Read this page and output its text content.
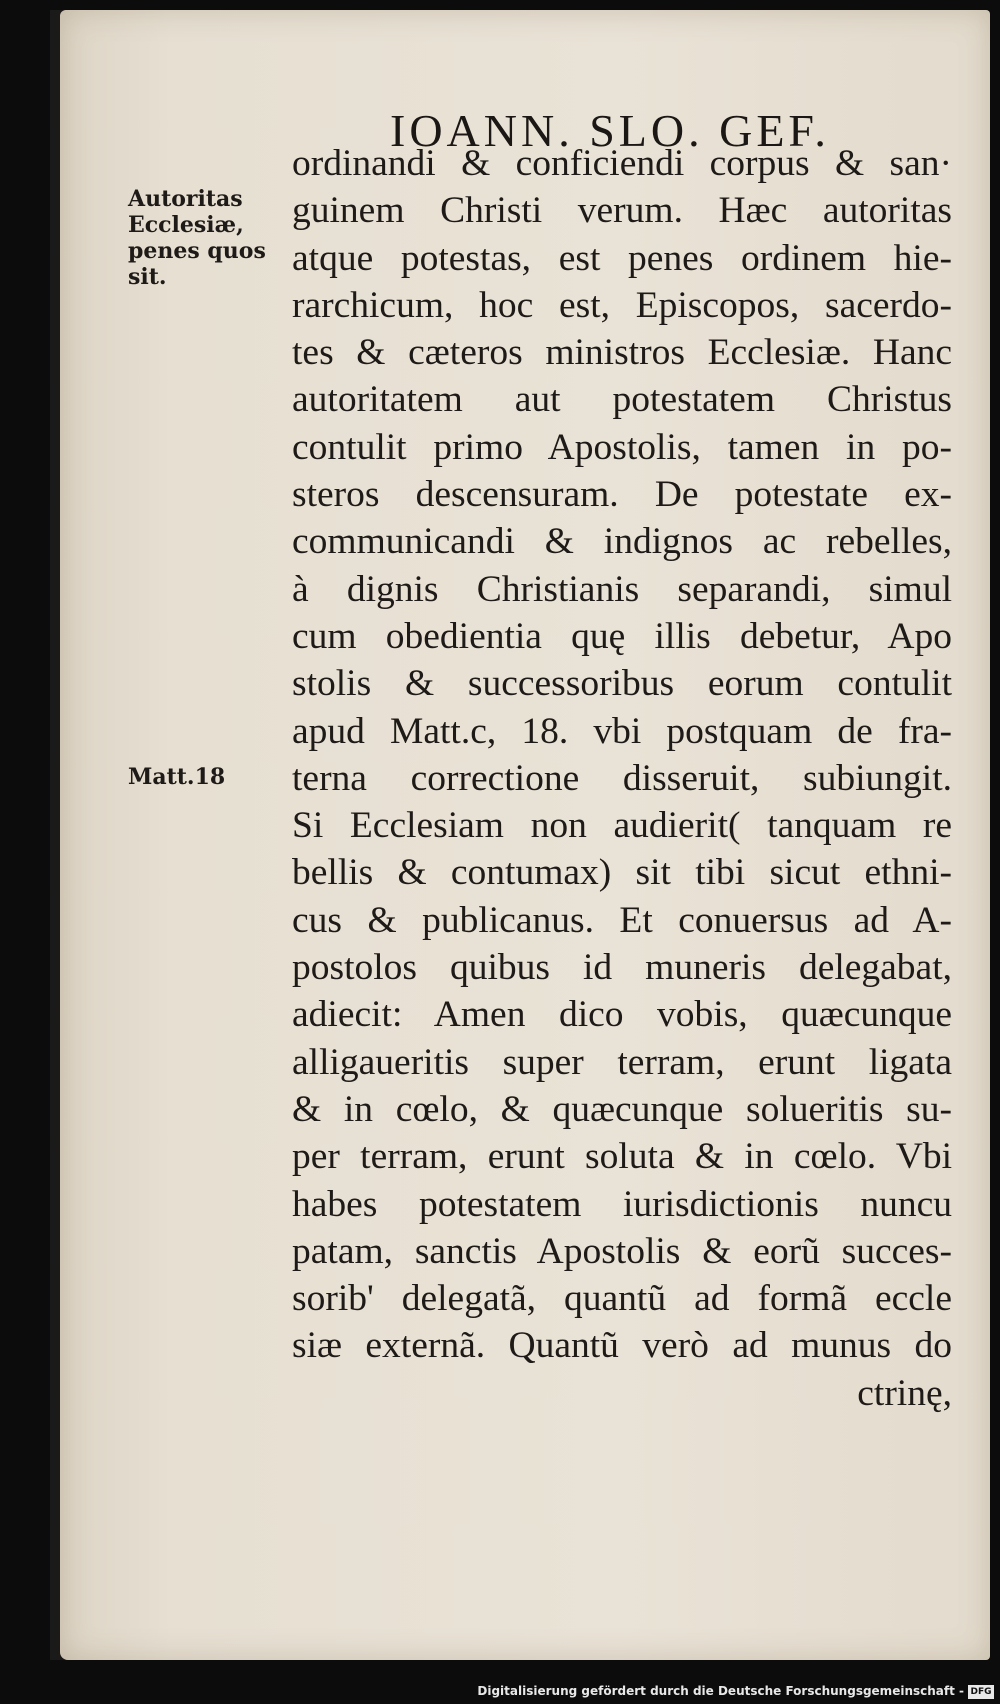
IOANN. SLO. GEF.
Autoritas
Ecclesiæ,
penes quos
sit.
Matt.18
ordinandi & conficiendi corpus & san·
guinem Christi verum. Hæc autoritas
atque potestas, est penes ordinem hie-
rarchicum, hoc est, Episcopos, sacerdo-
tes & cæteros ministros Ecclesiæ. Hanc
autoritatem aut potestatem Christus
contulit primo Apostolis, tamen in po-
steros descensuram. De potestate ex-
communicandi & indignos ac rebelles,
à dignis Christianis separandi, simul
cum obedientia quę illis debetur, Apo
stolis & successoribus eorum contulit
apud Matt.c, 18. vbi postquam de fra-
terna correctione disseruit, subiungit.
Si Ecclesiam non audierit( tanquam re
bellis & contumax) sit tibi sicut ethni-
cus & publicanus. Et conuersus ad A-
postolos quibus id muneris delegabat,
adiecit: Amen dico vobis, quæcunque
alligaueritis super terram, erunt ligata
& in cœlo, & quæcunque solueritis su-
per terram, erunt soluta & in cœlo. Vbi
habes potestatem iurisdictionis nuncu
patam, sanctis Apostolis & eorũ succes-
sorib' delegatã, quantũ ad formã eccle
siæ externã. Quantũ verò ad munus do
ctrinę,
Digitalisierung gefördert durch die Deutsche Forschungsgemeinschaft - DFG
